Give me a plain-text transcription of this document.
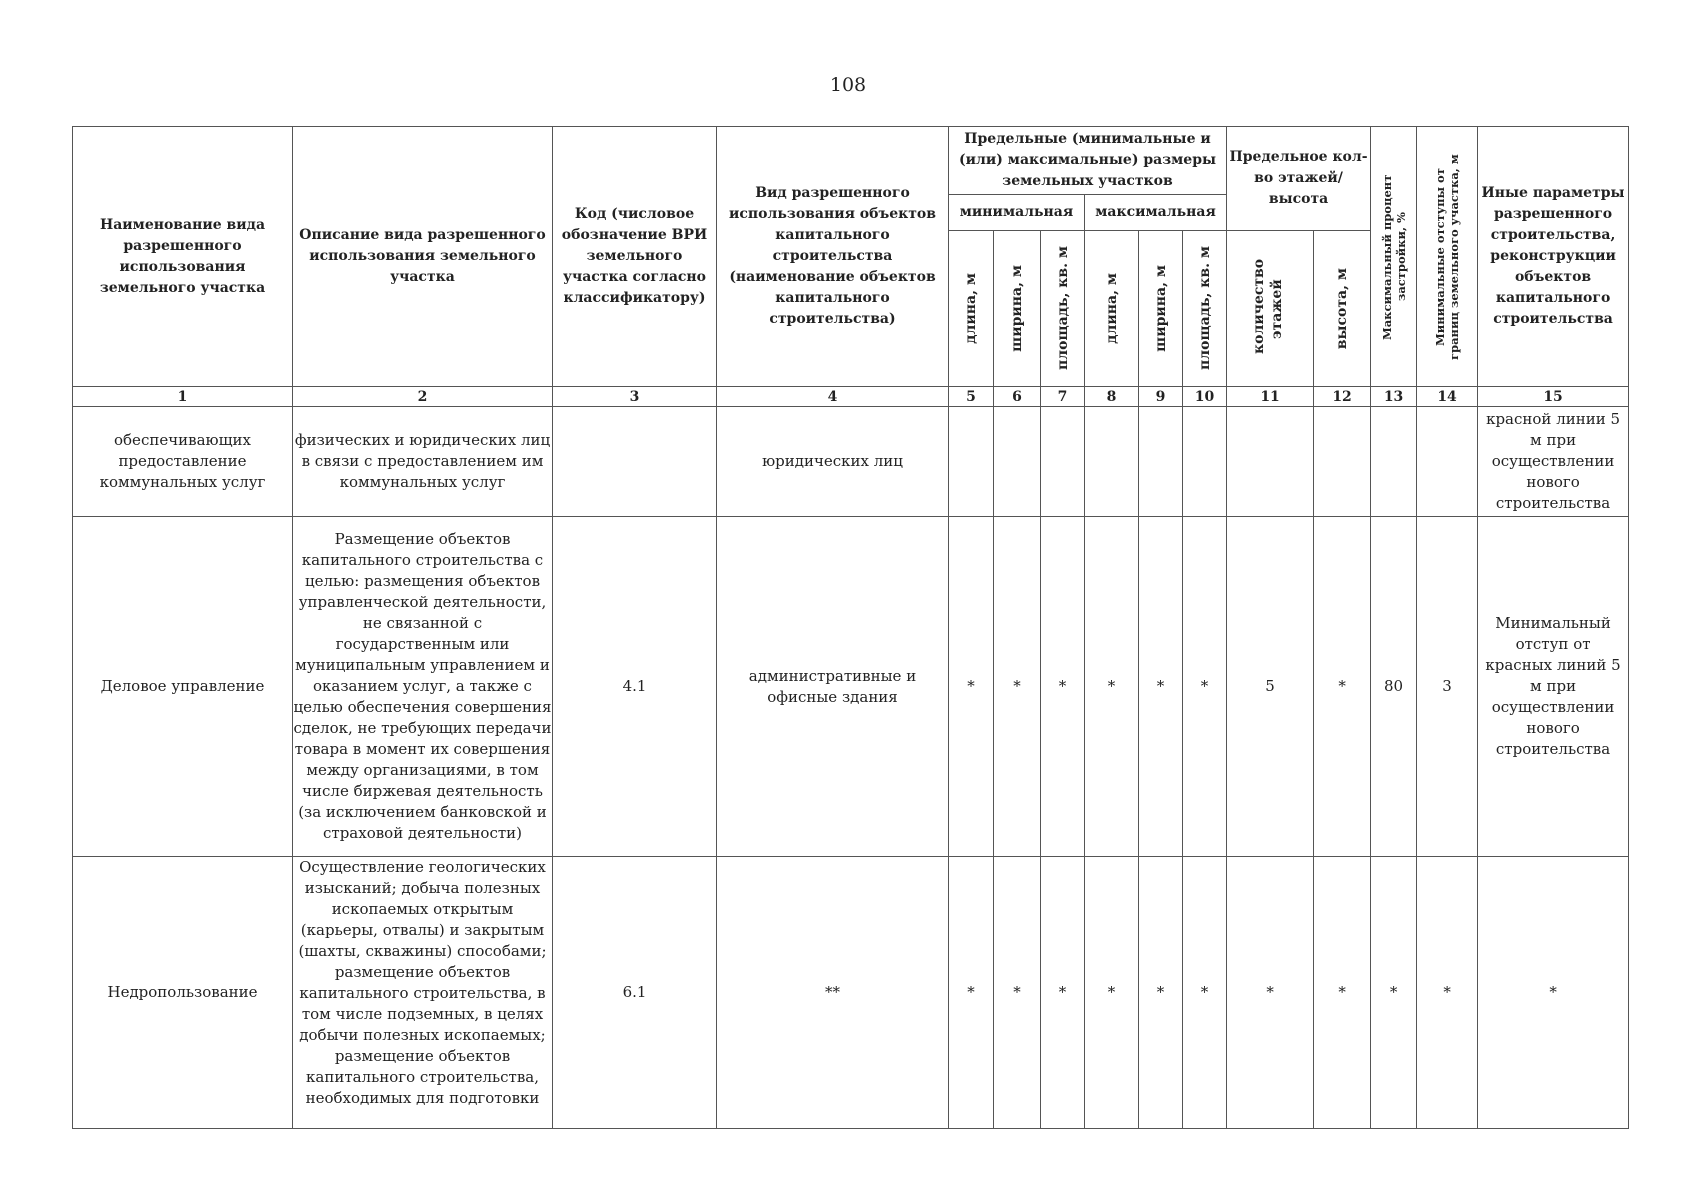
108
Наименование вида разрешенного использования земельного участка	Описание вида разрешенного использования земельного участка	Код (числовое обозначение ВРИ земельного участка согласно классификатору)	Вид разрешенного использования объектов капитального строительства (наименование объектов капитального строительства)	Предельные (минимальные и (или) максимальные) размеры земельных участков						Предельное кол-во этажей/высота		Максимальный процент застройки, %	Минимальные отступы от границ земельного участка, м	Иные параметры разрешенного строительства, реконструкции объектов капитального строительства
				минимальная			максимальная							

				длина, м	ширина, м	площадь, кв. м	длина, м	ширина, м	площадь, кв. м	количество этажей	высота, м			

1	2	3	4	5	6	7	8	9	10	11	12	13	14	15
обеспечивающих предоставление коммунальных услуг	физических и юридических лиц в связи с предоставлением им коммунальных услуг		юридических лиц											красной линии 5 м при осуществлении нового строительства
Деловое управление	Размещение объектов капитального строительства с целью: размещения объектов управленческой деятельности, не связанной с государственным или муниципальным управлением и оказанием услуг, а также с целью обеспечения совершения сделок, не требующих передачи товара в момент их совершения между организациями, в том числе биржевая деятельность (за исключением банковской и страховой деятельности)	4.1	административные и офисные здания	*	*	*	*	*	*	5	*	80	3	Минимальный отступ от красных линий 5 м при осуществлении нового строительства
Недропользование	Осуществление геологических изысканий; добыча полезных ископаемых открытым (карьеры, отвалы) и закрытым (шахты, скважины) способами; размещение объектов капитального строительства, в том числе подземных, в целях добычи полезных ископаемых; размещение объектов капитального строительства, необходимых для подготовки	6.1	**	*	*	*	*	*	*	*	*	*	*	*
